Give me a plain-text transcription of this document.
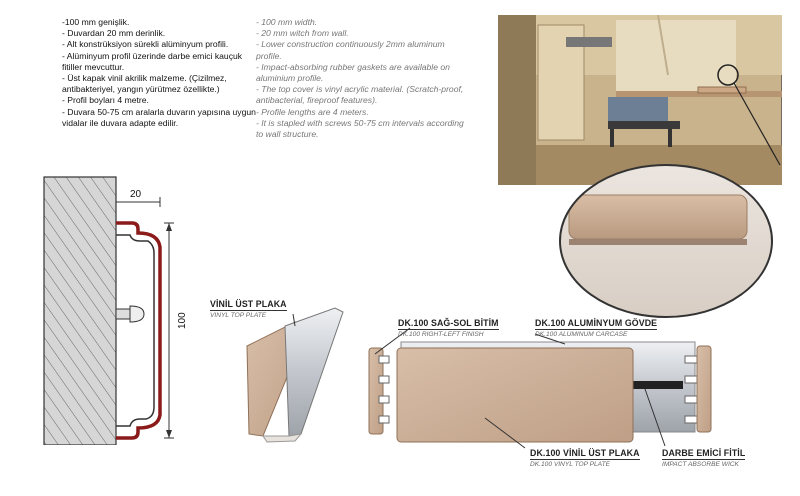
-100 mm genişlik.
- Duvardan 20 mm derinlik.
- Alt konstrüksiyon sürekli alüminyum profili.
- Alüminyum profil üzerinde darbe emici kauçuk fitiller mevcuttur.
- Üst kapak vinil akrilik malzeme. (Çizilmez, antibakteriyel, yangın yürütmez özellikte.)
- Profil boyları 4 metre.
- Duvara 50-75 cm aralarla duvarın yapısına uygun vidalar ile duvara adapte edilir.
- 100 mm width.
- 20 mm witch from wall.
- Lower construction continuously 2mm aluminum profile.
- Impact-absorbing rubber gaskets are available on aluminium profile.
- The top cover is vinyl acrylic material. (Scratch-proof, antibacterial, fireproof features).
- Profile lengths are 4 meters.
- It is stapled with screws 50-75 cm intervals according to wall structure.
20
100
VİNİL ÜST PLAKA
VINYL TOP PLATE
DK.100 SAĞ-SOL BİTİM
DK.100 RIGHT-LEFT FINISH
DK.100 ALUMİNYUM GÖVDE
DK.100 ALUMINUM CARCASE
DK.100 VİNİL ÜST PLAKA
DK.100 VINYL TOP PLATE
DARBE EMİCİ FİTİL
IMPACT ABSORBE WICK
